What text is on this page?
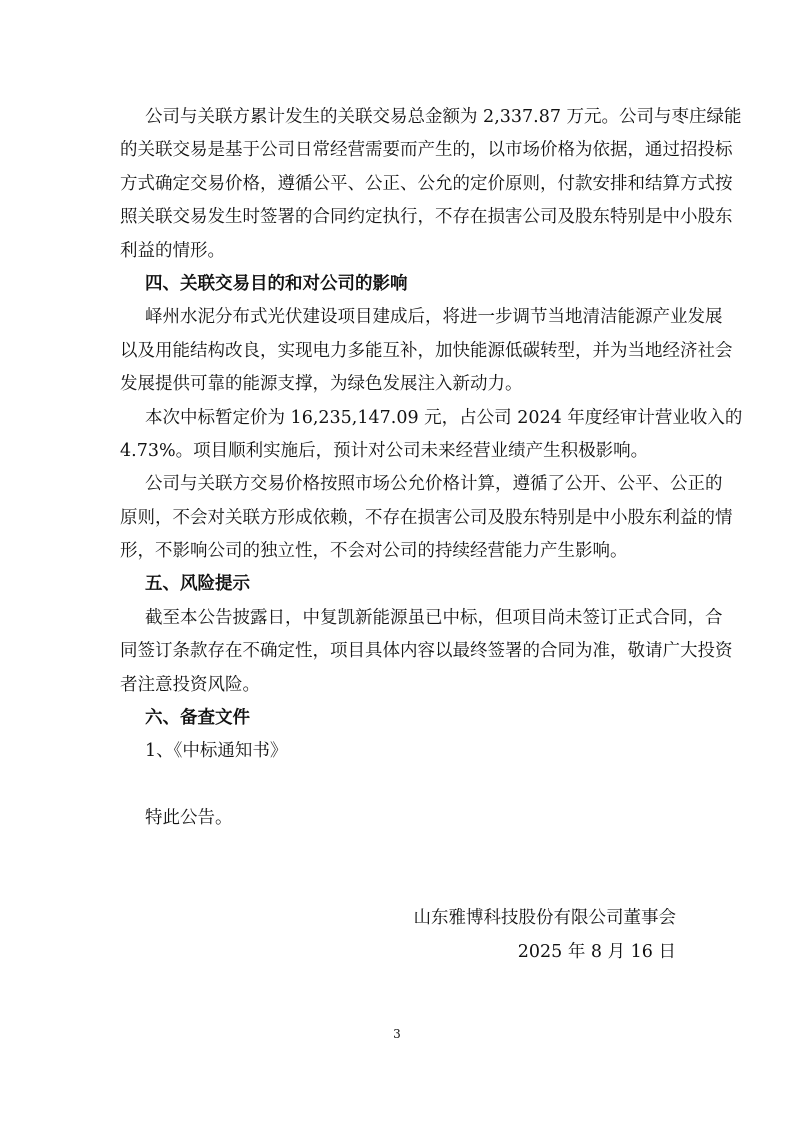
公司与关联方累计发生的关联交易总金额为 2,337.87 万元。公司与枣庄绿能
的关联交易是基于公司日常经营需要而产生的，以市场价格为依据，通过招投标
方式确定交易价格，遵循公平、公正、公允的定价原则，付款安排和结算方式按
照关联交易发生时签署的合同约定执行，不存在损害公司及股东特别是中小股东
利益的情形。
四、关联交易目的和对公司的影响
峄州水泥分布式光伏建设项目建成后，将进一步调节当地清洁能源产业发展
以及用能结构改良，实现电力多能互补，加快能源低碳转型，并为当地经济社会
发展提供可靠的能源支撑，为绿色发展注入新动力。
本次中标暂定价为 16,235,147.09 元，占公司 2024 年度经审计营业收入的
4.73%。项目顺利实施后，预计对公司未来经营业绩产生积极影响。
公司与关联方交易价格按照市场公允价格计算，遵循了公开、公平、公正的
原则，不会对关联方形成依赖，不存在损害公司及股东特别是中小股东利益的情
形，不影响公司的独立性，不会对公司的持续经营能力产生影响。
五、风险提示
截至本公告披露日，中复凯新能源虽已中标，但项目尚未签订正式合同，合
同签订条款存在不确定性，项目具体内容以最终签署的合同为准，敬请广大投资
者注意投资风险。
六、备查文件
1、《中标通知书》
特此公告。
山东雅博科技股份有限公司董事会
2025 年 8 月 16 日
3
